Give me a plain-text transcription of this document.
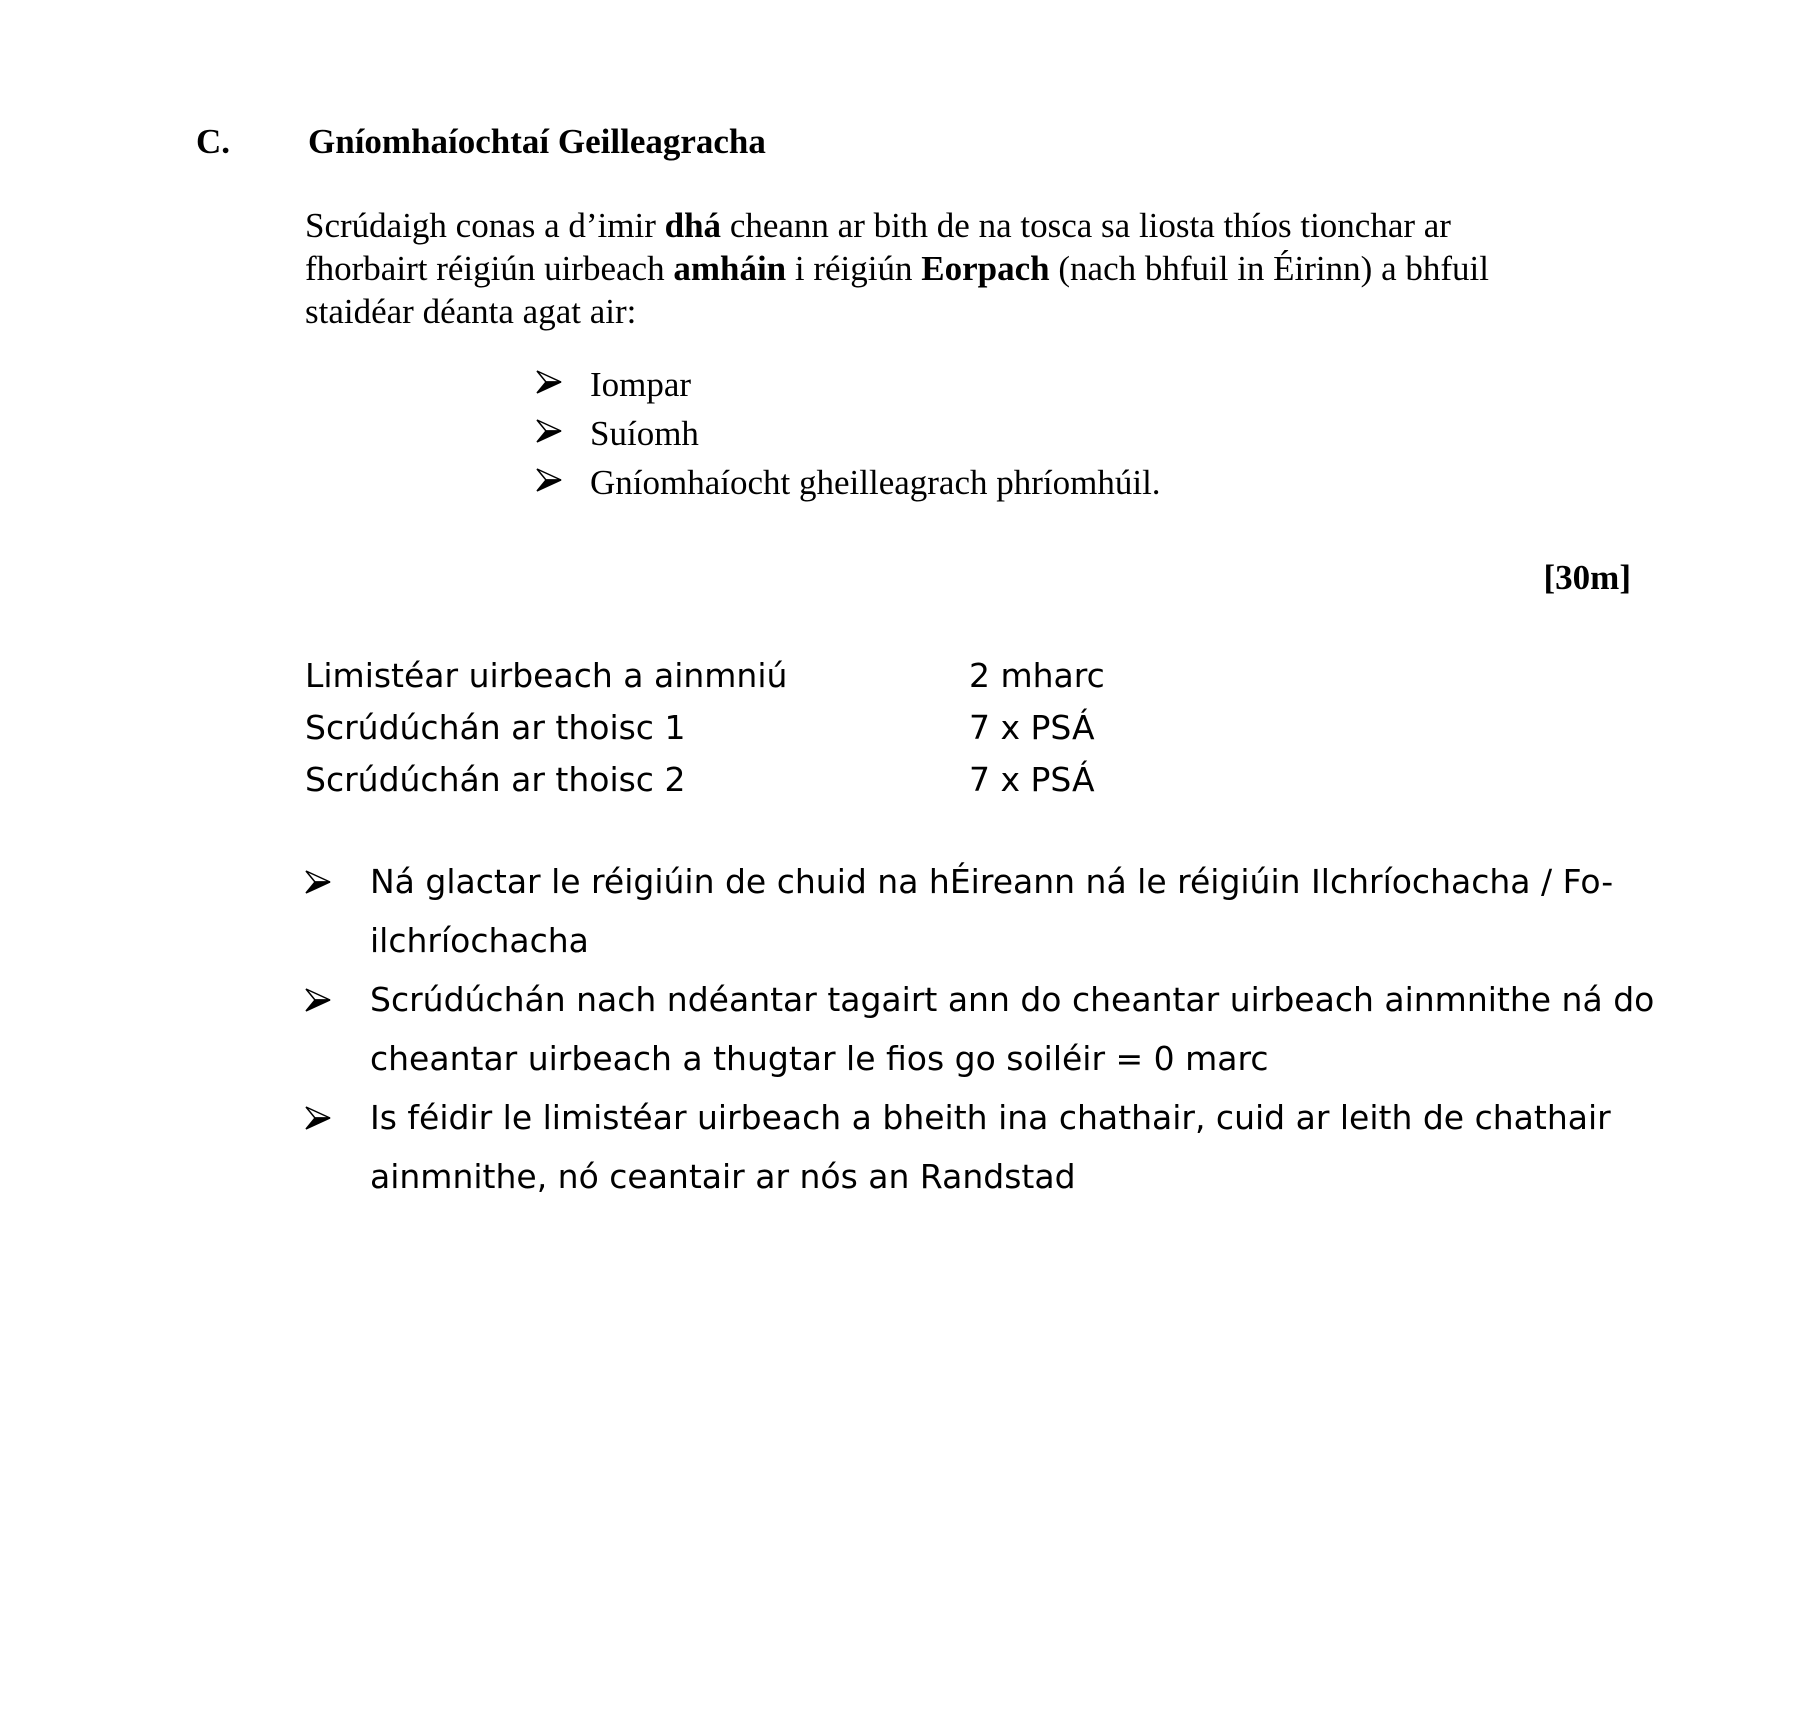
C. Gníomhaíochtaí Geilleagracha

Scrúdaigh conas a d’imir dhá cheann ar bith de na tosca sa liosta thíos tionchar ar

fhorbairt réigiún uirbeach amháin i réigiún Eorpach (nach bhfuil in Éirinn) a bhfuil

staidéar déanta agat air:

Iompar
Suíomh
Gníomhaíocht gheilleagrach phríomhúil.
[30m]
Limistéar uirbeach a ainmniú	2 mharc
Scrúdúchán ar thoisc 1	7 x PSÁ
Scrúdúchán ar thoisc 2	7 x PSÁ
Ná glactar le réigiúin de chuid na hÉireann ná le réigiúin Ilchríochacha / Fo-ilchríochacha
Scrúdúchán nach ndéantar tagairt ann do cheantar uirbeach ainmnithe ná do cheantar uirbeach a thugtar le fios go soiléir = 0 marc
Is féidir le limistéar uirbeach a bheith ina chathair, cuid ar leith de chathair ainmnithe, nó ceantair ar nós an Randstad
